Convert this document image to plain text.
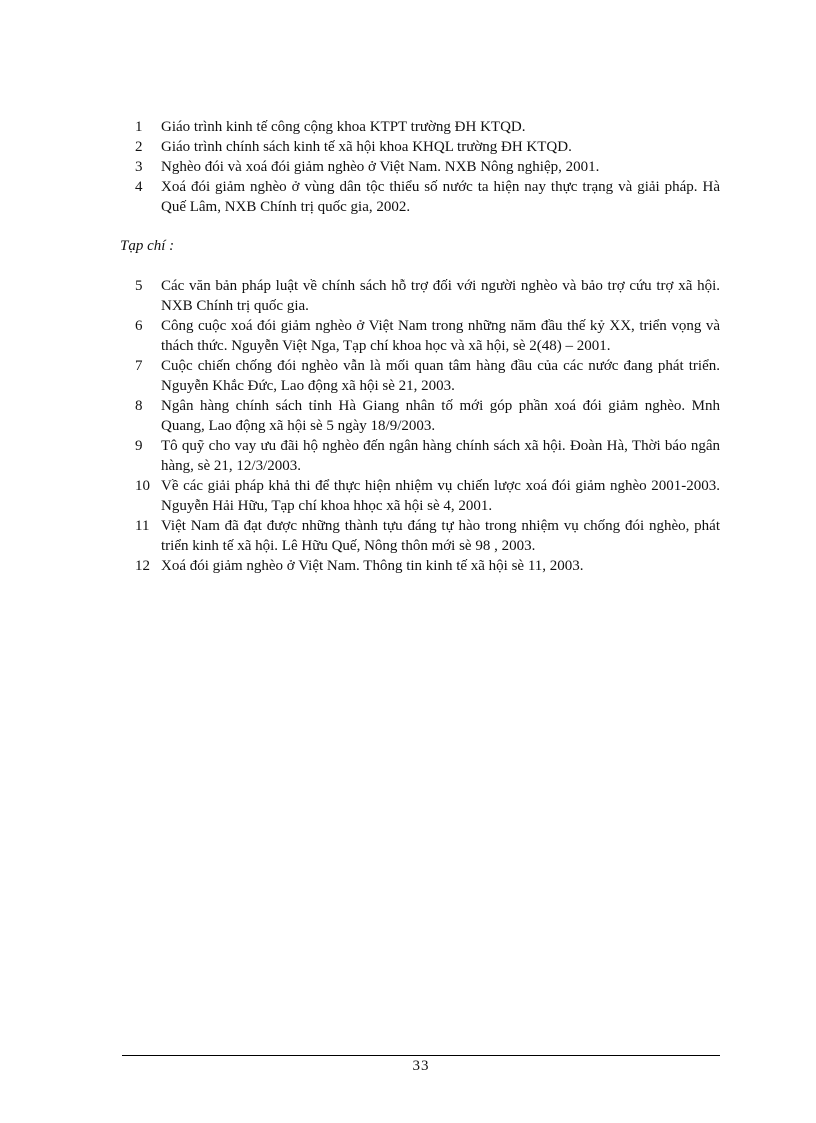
1	Giáo trình kinh tế công cộng khoa KTPT trường ĐH KTQD.
2	Giáo trình chính sách kinh tế xã hội khoa KHQL trường ĐH KTQD.
3	Nghèo đói và xoá đói giảm nghèo ở Việt Nam. NXB Nông nghiệp, 2001.
4	Xoá đói giảm nghèo ở vùng dân tộc thiểu số nước ta hiện nay thực trạng và giải pháp. Hà Quế Lâm, NXB Chính trị quốc gia, 2002.
Tạp chí :
5	Các văn bản pháp luật về chính sách hỗ trợ đối với người nghèo và bảo trợ cứu trợ xã hội. NXB Chính trị quốc gia.
6	Công cuộc xoá đói giảm nghèo ở Việt Nam trong những năm đầu thế kỷ XX, triển vọng và thách thức. Nguyễn Việt Nga, Tạp chí khoa học và xã hội, sè 2(48) – 2001.
7	Cuộc chiến chống đói nghèo vẫn là mối quan tâm hàng đầu của các nước đang phát triển. Nguyễn Khắc Đức, Lao động xã hội sè 21, 2003.
8	Ngân hàng chính sách tỉnh Hà Giang nhân tố mới góp phần xoá đói giảm nghèo. Mnh Quang, Lao động xã hội sè 5 ngày 18/9/2003.
9	Tô quỹ cho vay ưu đãi hộ nghèo đến ngân hàng chính sách xã hội. Đoàn Hà, Thời báo ngân hàng, sè 21, 12/3/2003.
10 Về các giải pháp khả thi để thực hiện nhiệm vụ chiến lược xoá đói giảm nghèo 2001-2003. Nguyễn Hải Hữu, Tạp chí khoa hhọc xã hội sè 4, 2001.
11 Việt Nam đã đạt được những thành tựu đáng tự hào trong nhiệm vụ chống đói nghèo, phát triển kinh tế xã hội. Lê Hữu Quế, Nông thôn mới sè 98 , 2003.
12 Xoá đói giảm nghèo ở Việt Nam. Thông tin kinh tế xã hội sè 11, 2003.
33
